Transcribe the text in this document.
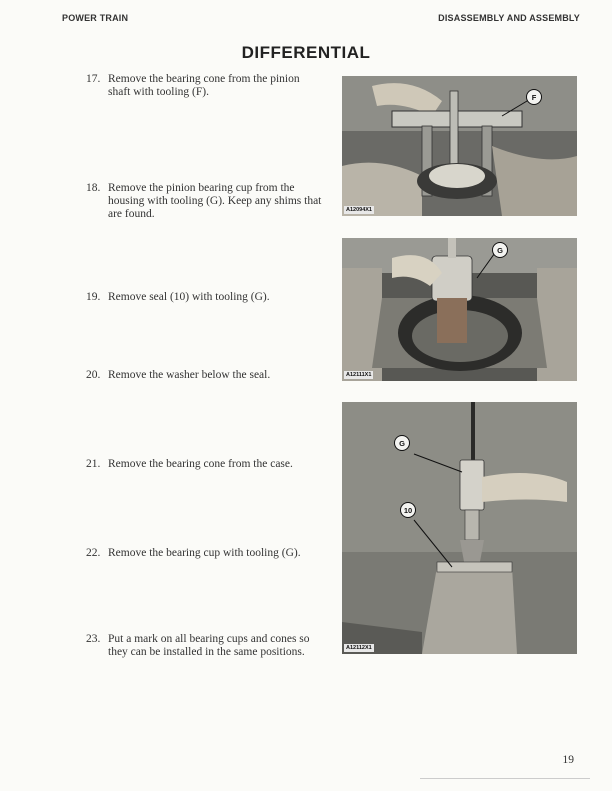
POWER TRAIN	DISASSEMBLY AND ASSEMBLY
DIFFERENTIAL
17. Remove the bearing cone from the pinion shaft with tooling (F).
18. Remove the pinion bearing cup from the housing with tooling (G). Keep any shims that are found.
19. Remove seal (10) with tooling (G).
20. Remove the washer below the seal.
21. Remove the bearing cone from the case.
22. Remove the bearing cup with tooling (G).
23. Put a mark on all bearing cups and cones so they can be installed in the same positions.
A12094X1
F
A12111X1
G
A12112X1
G
10
19
